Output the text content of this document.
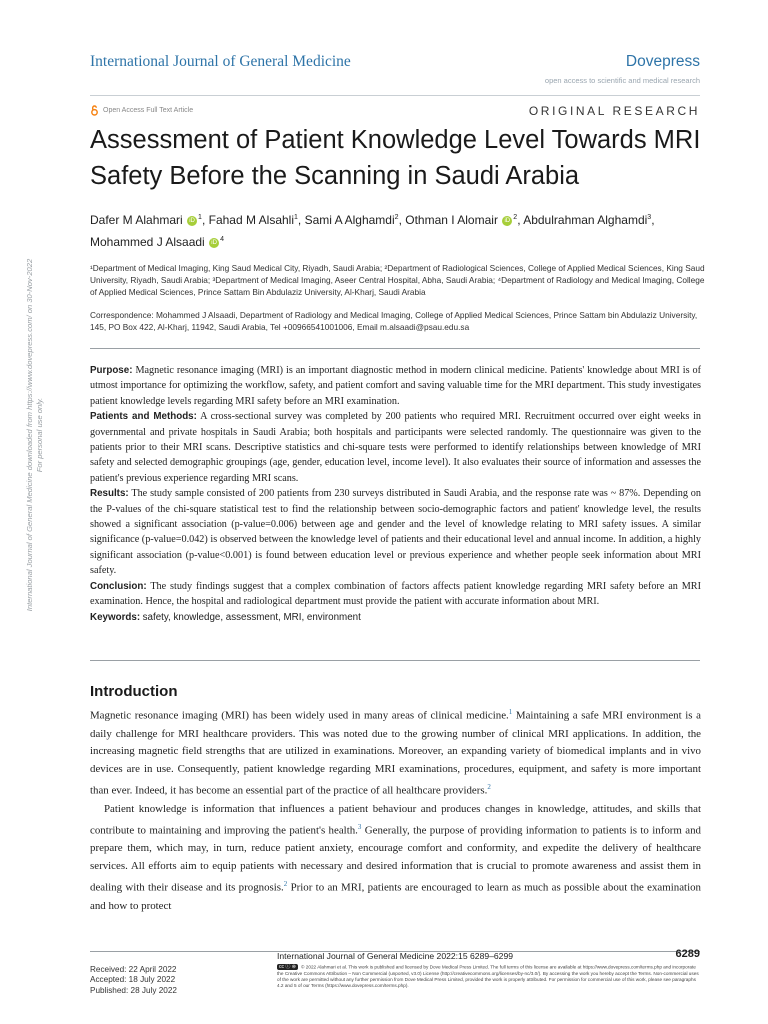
International Journal of General Medicine	Dovepress
open access to scientific and medical research
Open Access Full Text Article	ORIGINAL RESEARCH
Assessment of Patient Knowledge Level Towards MRI Safety Before the Scanning in Saudi Arabia
Dafer M Alahmari iD $^1$, Fahad M Alsahli$^1$, Sami A Alghamdi$^2$, Othman I Alomair iD $^2$, Abdulrahman Alghamdi$^3$,
Mohammed J Alsaadi iD $^4$
¹Department of Medical Imaging, King Saud Medical City, Riyadh, Saudi Arabia; ²Department of Radiological Sciences, College of Applied Medical Sciences, King Saud University, Riyadh, Saudi Arabia; ³Department of Medical Imaging, Aseer Central Hospital, Abha, Saudi Arabia; ⁴Department of Radiology and Medical Imaging, College of Applied Medical Sciences, Prince Sattam Bin Abdulaziz University, Al-Kharj, Saudi Arabia
Correspondence: Mohammed J Alsaadi, Department of Radiology and Medical Imaging, College of Applied Medical Sciences, Prince Sattam bin Abdulaziz University, 145, PO Box 422, Al-Kharj, 11942, Saudi Arabia, Tel +00966541001006, Email m.alsaadi@psau.edu.sa
International Journal of General Medicine downloaded from https://www.dovepress.com/ on 30-Nov-2022
For personal use only.

Purpose: Magnetic resonance imaging (MRI) is an important diagnostic method in modern clinical medicine. Patients' knowledge about MRI is of utmost importance for optimizing the workflow, safety, and patient comfort and saving valuable time for the MRI department. This study investigates patient knowledge levels regarding MRI safety before an MRI examination.

Patients and Methods: A cross-sectional survey was completed by 200 patients who required MRI. Recruitment occurred over eight weeks in governmental and private hospitals in Saudi Arabia; both hospitals and participants were selected randomly. The questionnaire was given to the patients prior to their MRI scans. Descriptive statistics and chi-square tests were performed to identify relationships between knowledge of MRI safety and selected demographic groupings (age, gender, education level, income level). It also evaluates their source of information and assesses the patient's previous experience regarding MRI scans.

Results: The study sample consisted of 200 patients from 230 surveys distributed in Saudi Arabia, and the response rate was ~ 87%. Depending on the P-values of the chi-square statistical test to find the relationship between socio-demographic factors and patient' knowledge level, the results showed a significant association (p-value=0.006) between age and gender and the level of knowledge relating to MRI safety issues. A similar significance (p-value=0.042) is observed between the knowledge level of patients and their educational level and annual income. In addition, a highly significant association (p-value<0.001) is found between education level or previous experience and whether people seek information about MRI safety.

Conclusion: The study findings suggest that a complex combination of factors affects patient knowledge regarding MRI safety before an MRI examination. Hence, the hospital and radiological department must provide the patient with accurate information about MRI.

Keywords: safety, knowledge, assessment, MRI, environment

Introduction

Magnetic resonance imaging (MRI) has been widely used in many areas of clinical medicine.$^1$ Maintaining a safe MRI environment is a daily challenge for MRI healthcare providers. This was noted due to the growing number of clinical MRI applications. In addition, the increasing magnetic field strengths that are utilized in examinations. Moreover, an expanding variety of biomedical implants and in vivo devices are in use. Consequently, patient knowledge regarding MRI examinations, procedures, equipment, and safety is more important than ever. Indeed, it has become an essential part of the practice of all healthcare providers.$^2$

Patient knowledge is information that influences a patient behaviour and produces changes in knowledge, attitudes, and skills that contribute to maintaining and improving the patient's health.$^3$ Generally, the purpose of providing information to patients is to inform and prepare them, which may, in turn, reduce patient anxiety, encourage comfort and conformity, and expedite the delivery of healthcare services. All efforts aim to equip patients with necessary and desired information that is crucial to promote awareness and assist them in dealing with their disease and its prognosis.$^2$ Prior to an MRI, patients are encouraged to learn as much as possible about the examination and how to protect

International Journal of General Medicine 2022:15 6289–6299	6289
Received: 22 April 2022
Accepted: 18 July 2022
Published: 28 July 2022
cc ⓘ ⊜ © 2022 Alahmari et al. This work is published and licensed by Dove Medical Press Limited. The full terms of this license are available at https://www.dovepress.com/terms.php and incorporate the Creative Commons Attribution – Non Commercial (unported, v3.0) License (http://creativecommons.org/licenses/by-nc/3.0/). By accessing the work you hereby accept the Terms. Non-commercial uses of the work are permitted without any further permission from Dove Medical Press Limited, provided the work is properly attributed. For permission for commercial use of this work, please see paragraphs 4.2 and 5 of our Terms (https://www.dovepress.com/terms.php).
